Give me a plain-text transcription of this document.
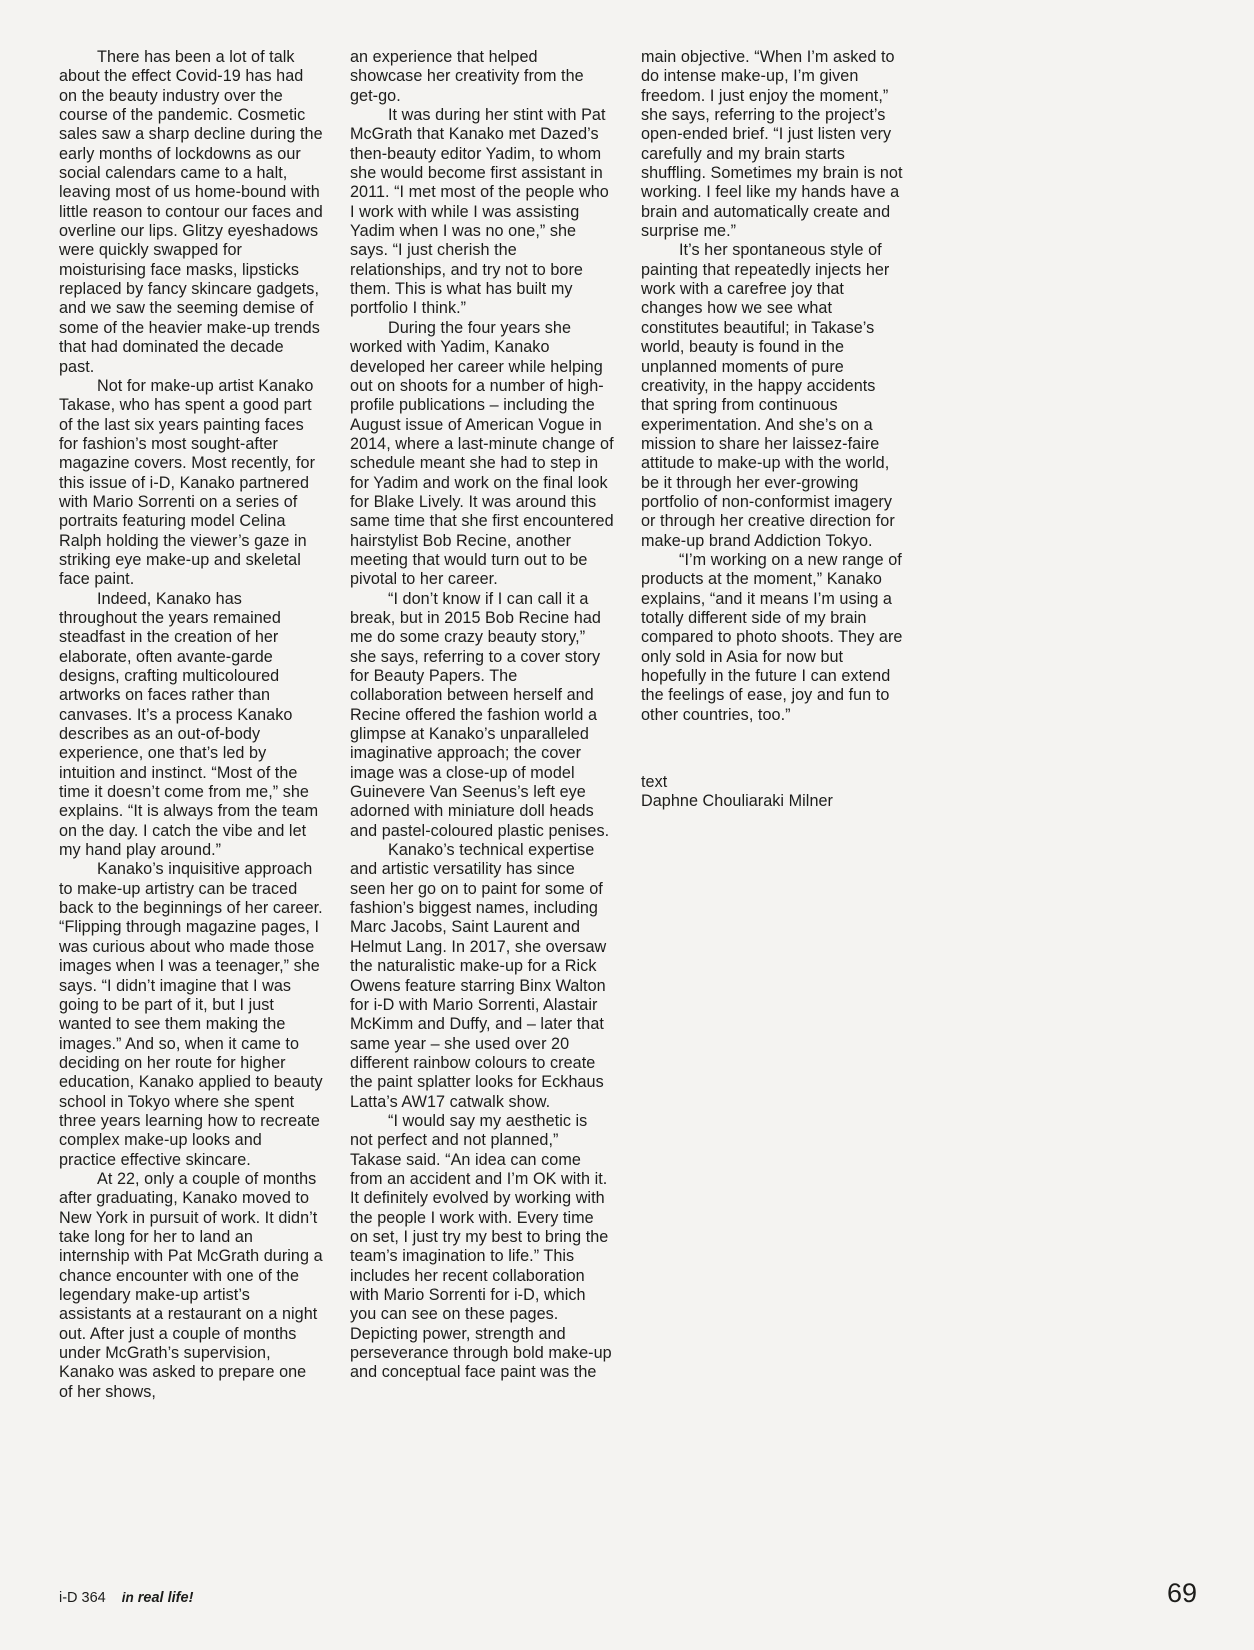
There has been a lot of talk about the effect Covid-19 has had on the beauty industry over the course of the pandemic. Cosmetic sales saw a sharp decline during the early months of lockdowns as our social calendars came to a halt, leaving most of us home-bound with little reason to contour our faces and overline our lips. Glitzy eyeshadows were quickly swapped for moisturising face masks, lipsticks replaced by fancy skincare gadgets, and we saw the seeming demise of some of the heavier make-up trends that had dominated the decade past.

Not for make-up artist Kanako Takase, who has spent a good part of the last six years painting faces for fashion’s most sought-after magazine covers. Most recently, for this issue of i-D, Kanako partnered with Mario Sorrenti on a series of portraits featuring model Celina Ralph holding the viewer’s gaze in striking eye make-up and skeletal face paint.

Indeed, Kanako has throughout the years remained steadfast in the creation of her elaborate, often avante-garde designs, crafting multicoloured artworks on faces rather than canvases. It’s a process Kanako describes as an out-of-body experience, one that’s led by intuition and instinct. “Most of the time it doesn’t come from me,” she explains. “It is always from the team on the day. I catch the vibe and let my hand play around.”

Kanako’s inquisitive approach to make-up artistry can be traced back to the beginnings of her career. “Flipping through magazine pages, I was curious about who made those images when I was a teenager,” she says. “I didn’t imagine that I was going to be part of it, but I just wanted to see them making the images.” And so, when it came to deciding on her route for higher education, Kanako applied to beauty school in Tokyo where she spent three years learning how to recreate complex make-up looks and practice effective skincare.

At 22, only a couple of months after graduating, Kanako moved to New York in pursuit of work. It didn’t take long for her to land an internship with Pat McGrath during a chance encounter with one of the legendary make-up artist’s assistants at a restaurant on a night out. After just a couple of months under McGrath’s supervision, Kanako was asked to prepare one of her shows,

an experience that helped showcase her creativity from the get-go.

It was during her stint with Pat McGrath that Kanako met Dazed’s then-beauty editor Yadim, to whom she would become first assistant in 2011. “I met most of the people who I work with while I was assisting Yadim when I was no one,” she says. “I just cherish the relationships, and try not to bore them. This is what has built my portfolio I think.”

During the four years she worked with Yadim, Kanako developed her career while helping out on shoots for a number of high-profile publications – including the August issue of American Vogue in 2014, where a last-minute change of schedule meant she had to step in for Yadim and work on the final look for Blake Lively. It was around this same time that she first encountered hairstylist Bob Recine, another meeting that would turn out to be pivotal to her career.

“I don’t know if I can call it a break, but in 2015 Bob Recine had me do some crazy beauty story,” she says, referring to a cover story for Beauty Papers. The collaboration between herself and Recine offered the fashion world a glimpse at Kanako’s unparalleled imaginative approach; the cover image was a close-up of model Guinevere Van Seenus’s left eye adorned with miniature doll heads and pastel-coloured plastic penises.

Kanako’s technical expertise and artistic versatility has since seen her go on to paint for some of fashion’s biggest names, including Marc Jacobs, Saint Laurent and Helmut Lang. In 2017, she oversaw the naturalistic make-up for a Rick Owens feature starring Binx Walton for i-D with Mario Sorrenti, Alastair McKimm and Duffy, and – later that same year – she used over 20 different rainbow colours to create the paint splatter looks for Eckhaus Latta’s AW17 catwalk show.

“I would say my aesthetic is not perfect and not planned,” Takase said. “An idea can come from an accident and I’m OK with it. It definitely evolved by working with the people I work with. Every time on set, I just try my best to bring the team’s imagination to life.” This includes her recent collaboration with Mario Sorrenti for i-D, which you can see on these pages. Depicting power, strength and perseverance through bold make-up and conceptual face paint was the

main objective. “When I’m asked to do intense make-up, I’m given freedom. I just enjoy the moment,” she says, referring to the project’s open-ended brief. “I just listen very carefully and my brain starts shuffling. Sometimes my brain is not working. I feel like my hands have a brain and automatically create and surprise me.”

It’s her spontaneous style of painting that repeatedly injects her work with a carefree joy that changes how we see what constitutes beautiful; in Takase’s world, beauty is found in the unplanned moments of pure creativity, in the happy accidents that spring from continuous experimentation. And she’s on a mission to share her laissez-faire attitude to make-up with the world, be it through her ever-growing portfolio of non-conformist imagery or through her creative direction for make-up brand Addiction Tokyo.

“I’m working on a new range of products at the moment,” Kanako explains, “and it means I’m using a totally different side of my brain compared to photo shoots. They are only sold in Asia for now but hopefully in the future I can extend the feelings of ease, joy and fun to other countries, too.”

text

Daphne Chouliaraki Milner

i-D 364 in real life!	69
